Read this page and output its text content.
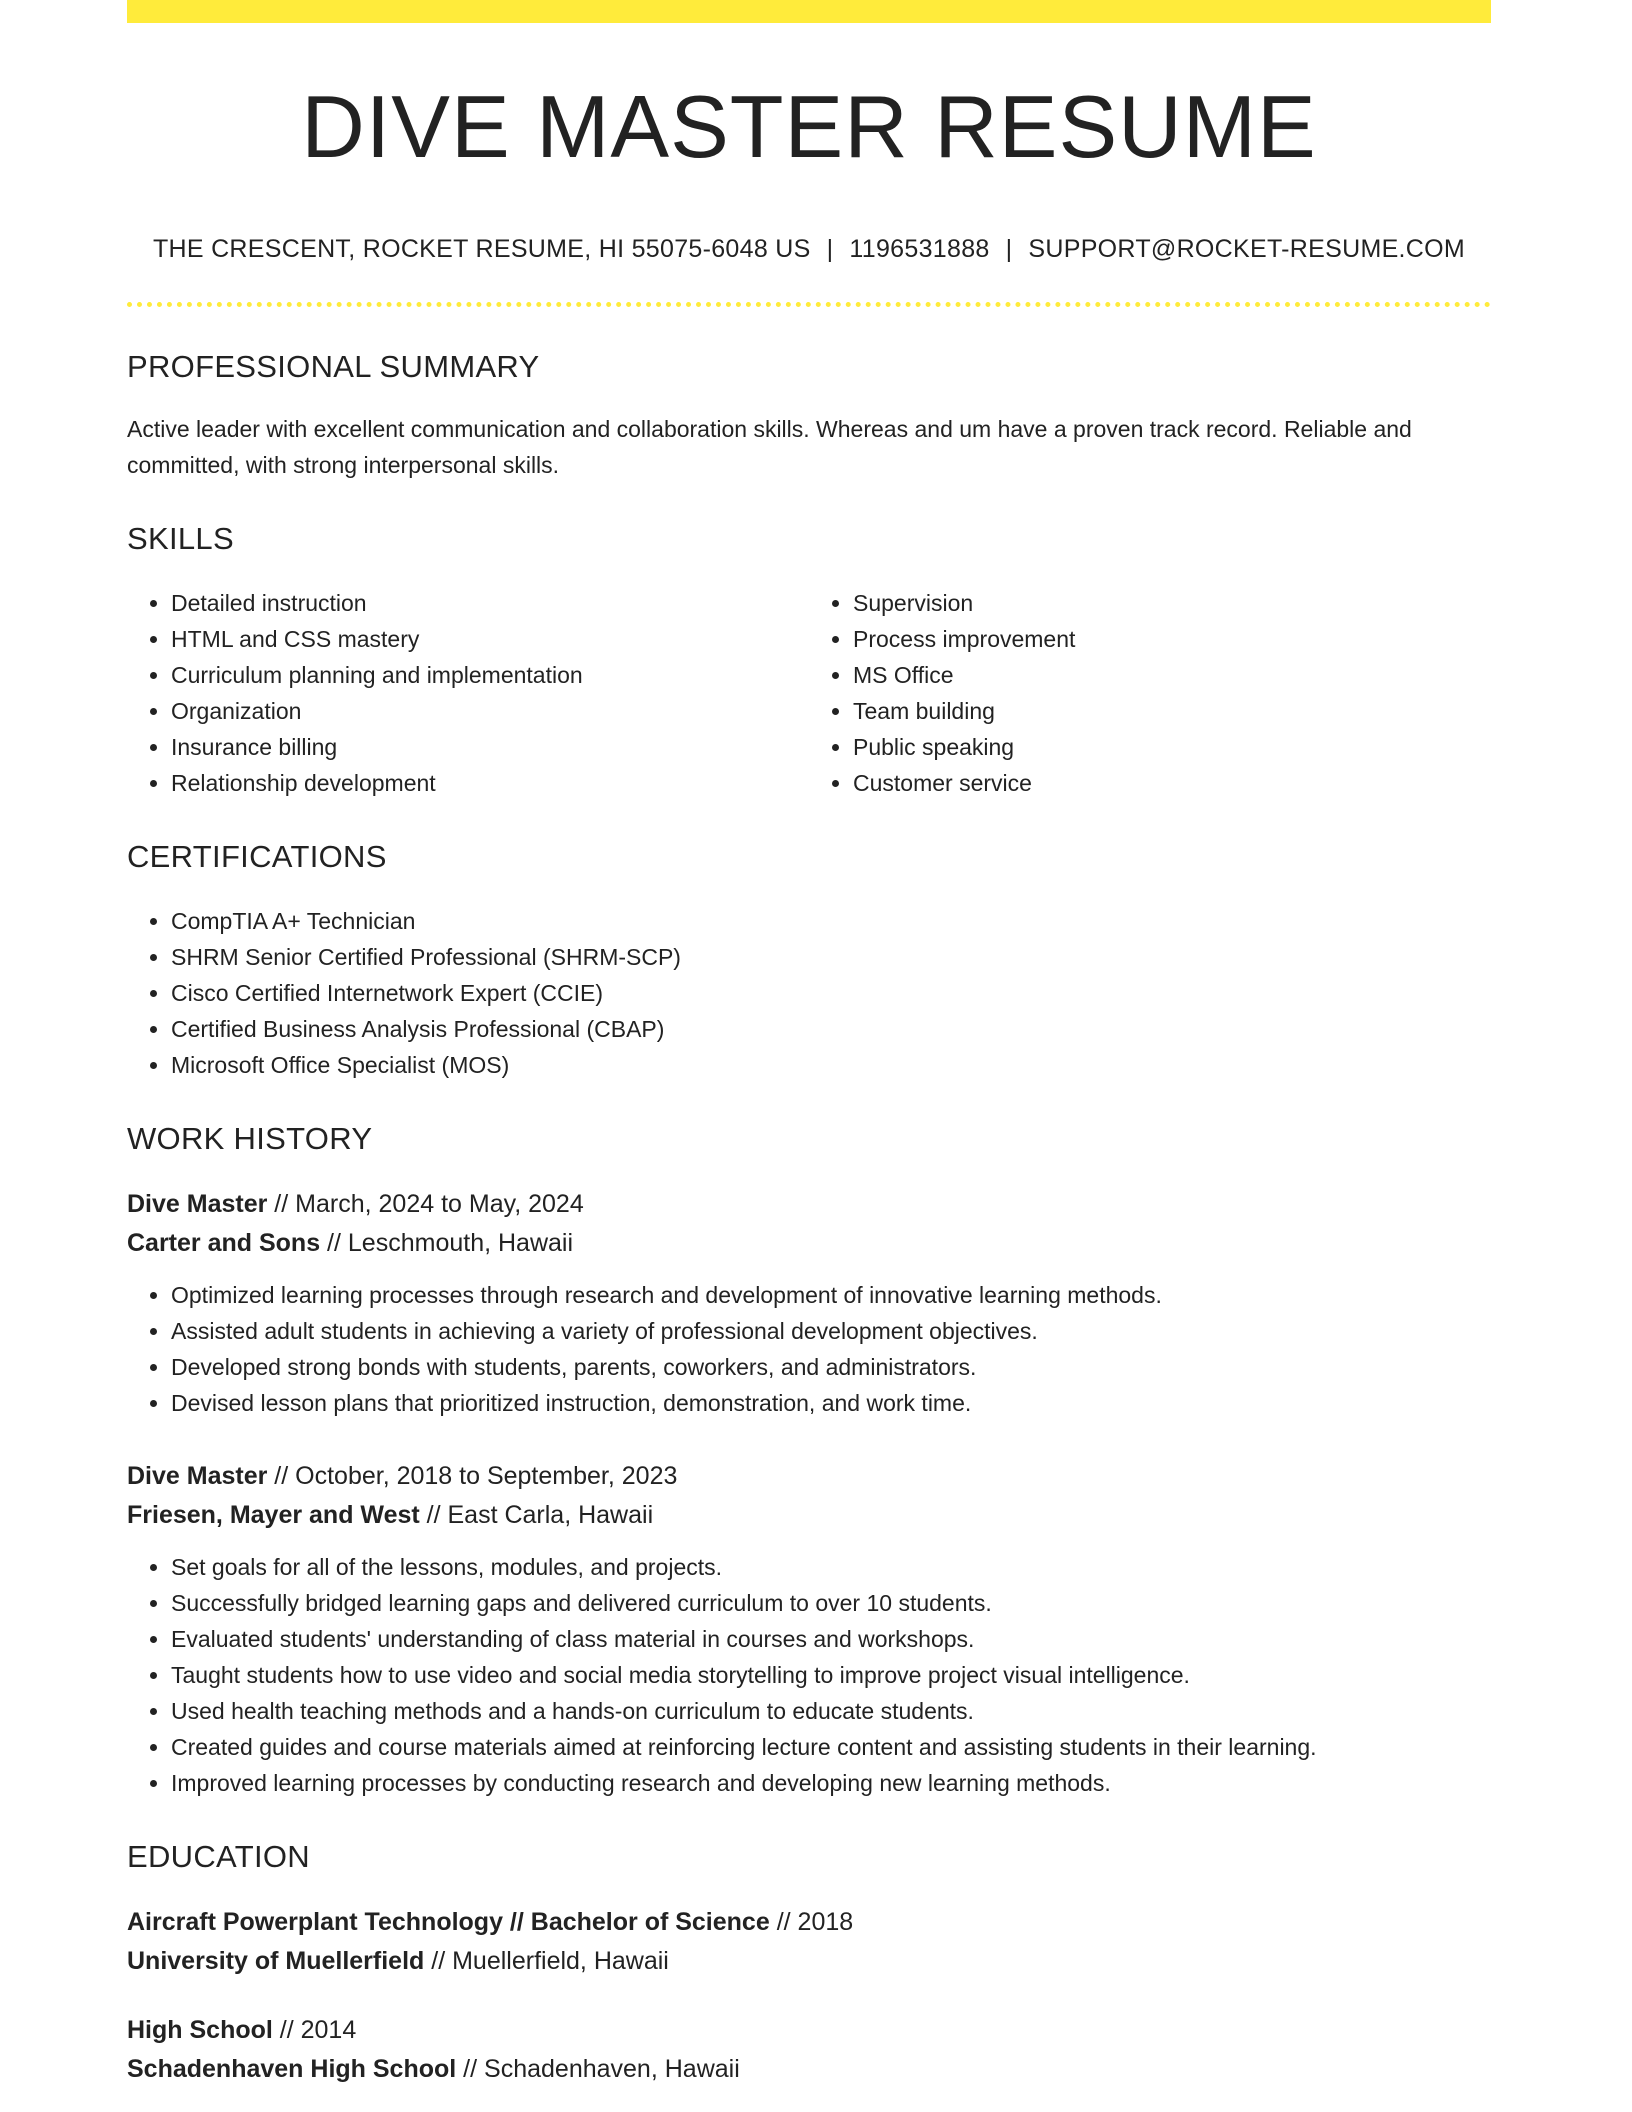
DIVE MASTER RESUME
THE CRESCENT, ROCKET RESUME, HI 55075-6048 US | 1196531888 | SUPPORT@ROCKET-RESUME.COM
PROFESSIONAL SUMMARY
Active leader with excellent communication and collaboration skills. Whereas and um have a proven track record. Reliable and committed, with strong interpersonal skills.
SKILLS
• Detailed instruction
• HTML and CSS mastery
• Curriculum planning and implementation
• Organization
• Insurance billing
• Relationship development
• Supervision
• Process improvement
• MS Office
• Team building
• Public speaking
• Customer service
CERTIFICATIONS
• CompTIA A+ Technician
• SHRM Senior Certified Professional (SHRM-SCP)
• Cisco Certified Internetwork Expert (CCIE)
• Certified Business Analysis Professional (CBAP)
• Microsoft Office Specialist (MOS)
WORK HISTORY
Dive Master // March, 2024 to May, 2024
Carter and Sons // Leschmouth, Hawaii
• Optimized learning processes through research and development of innovative learning methods.
• Assisted adult students in achieving a variety of professional development objectives.
• Developed strong bonds with students, parents, coworkers, and administrators.
• Devised lesson plans that prioritized instruction, demonstration, and work time.
Dive Master // October, 2018 to September, 2023
Friesen, Mayer and West // East Carla, Hawaii
• Set goals for all of the lessons, modules, and projects.
• Successfully bridged learning gaps and delivered curriculum to over 10 students.
• Evaluated students' understanding of class material in courses and workshops.
• Taught students how to use video and social media storytelling to improve project visual intelligence.
• Used health teaching methods and a hands-on curriculum to educate students.
• Created guides and course materials aimed at reinforcing lecture content and assisting students in their learning.
• Improved learning processes by conducting research and developing new learning methods.
EDUCATION
Aircraft Powerplant Technology // Bachelor of Science // 2018
University of Muellerfield // Muellerfield, Hawaii
High School // 2014
Schadenhaven High School // Schadenhaven, Hawaii
